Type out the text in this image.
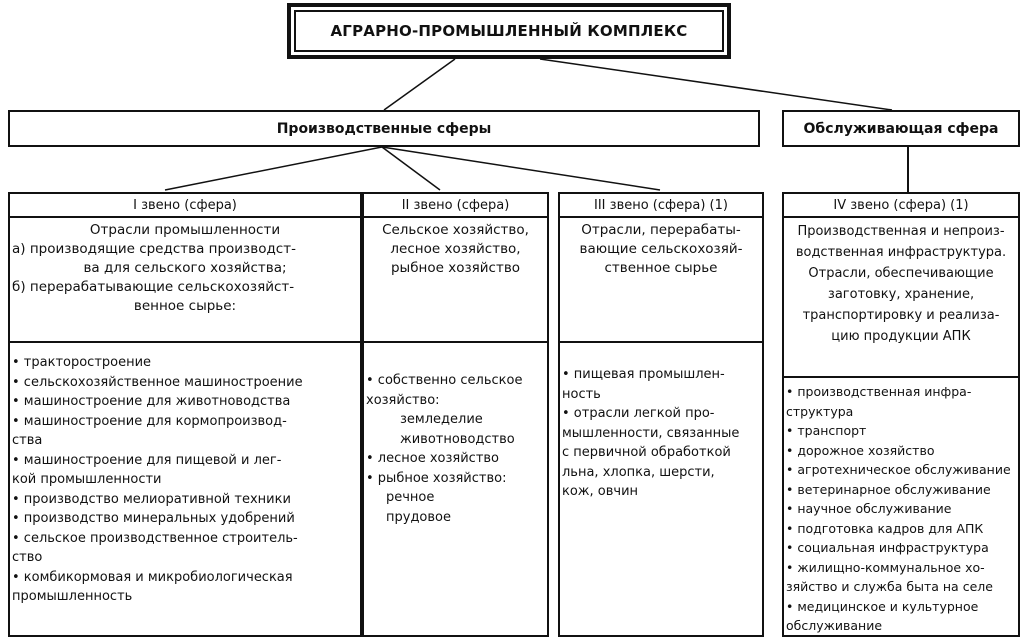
АГРАРНО-ПРОМЫШЛЕННЫЙ КОМПЛЕКС
Производственные сферы	Обслуживающая сфера
I звено (сфера)
Отрасли промышленности
а) производящие средства производст-
ва для сельского хозяйства;
б) перерабатывающие сельскохозяйст-
венное сырье:
• тракторостроение
• сельскохозяйственное машиностроение
• машиностроение для животноводства
• машиностроение для кормопроизвод-
ства
• машиностроение для пищевой и лег-
кой промышленности
• производство мелиоративной техники
• производство минеральных удобрений
• сельское производственное строитель-
ство
• комбикормовая и микробиологическая
промышленность
II звено (сфера)
Сельское хозяйство,
лесное хозяйство,
рыбное хозяйство
• собственно сельское
хозяйство:
земледелие
животноводство
• лесное хозяйство
• рыбное хозяйство:
речное
прудовое
III звено (сфера) (1)
Отрасли, перерабаты-
вающие сельскохозяй-
ственное сырье
• пищевая промышлен-
ность
• отрасли легкой про-
мышленности, связанные
с первичной обработкой
льна, хлопка, шерсти,
кож, овчин
IV звено (сфера) (1)
Производственная и непроиз-
водственная инфраструктура.
Отрасли, обеспечивающие
заготовку, хранение,
транспортировку и реализа-
цию продукции АПК
• производственная инфра-
структура
• транспорт
• дорожное хозяйство
• агротехническое обслуживание
• ветеринарное обслуживание
• научное обслуживание
• подготовка кадров для АПК
• социальная инфраструктура
• жилищно-коммунальное хо-
зяйство и служба быта на селе
• медицинское и культурное
обслуживание
